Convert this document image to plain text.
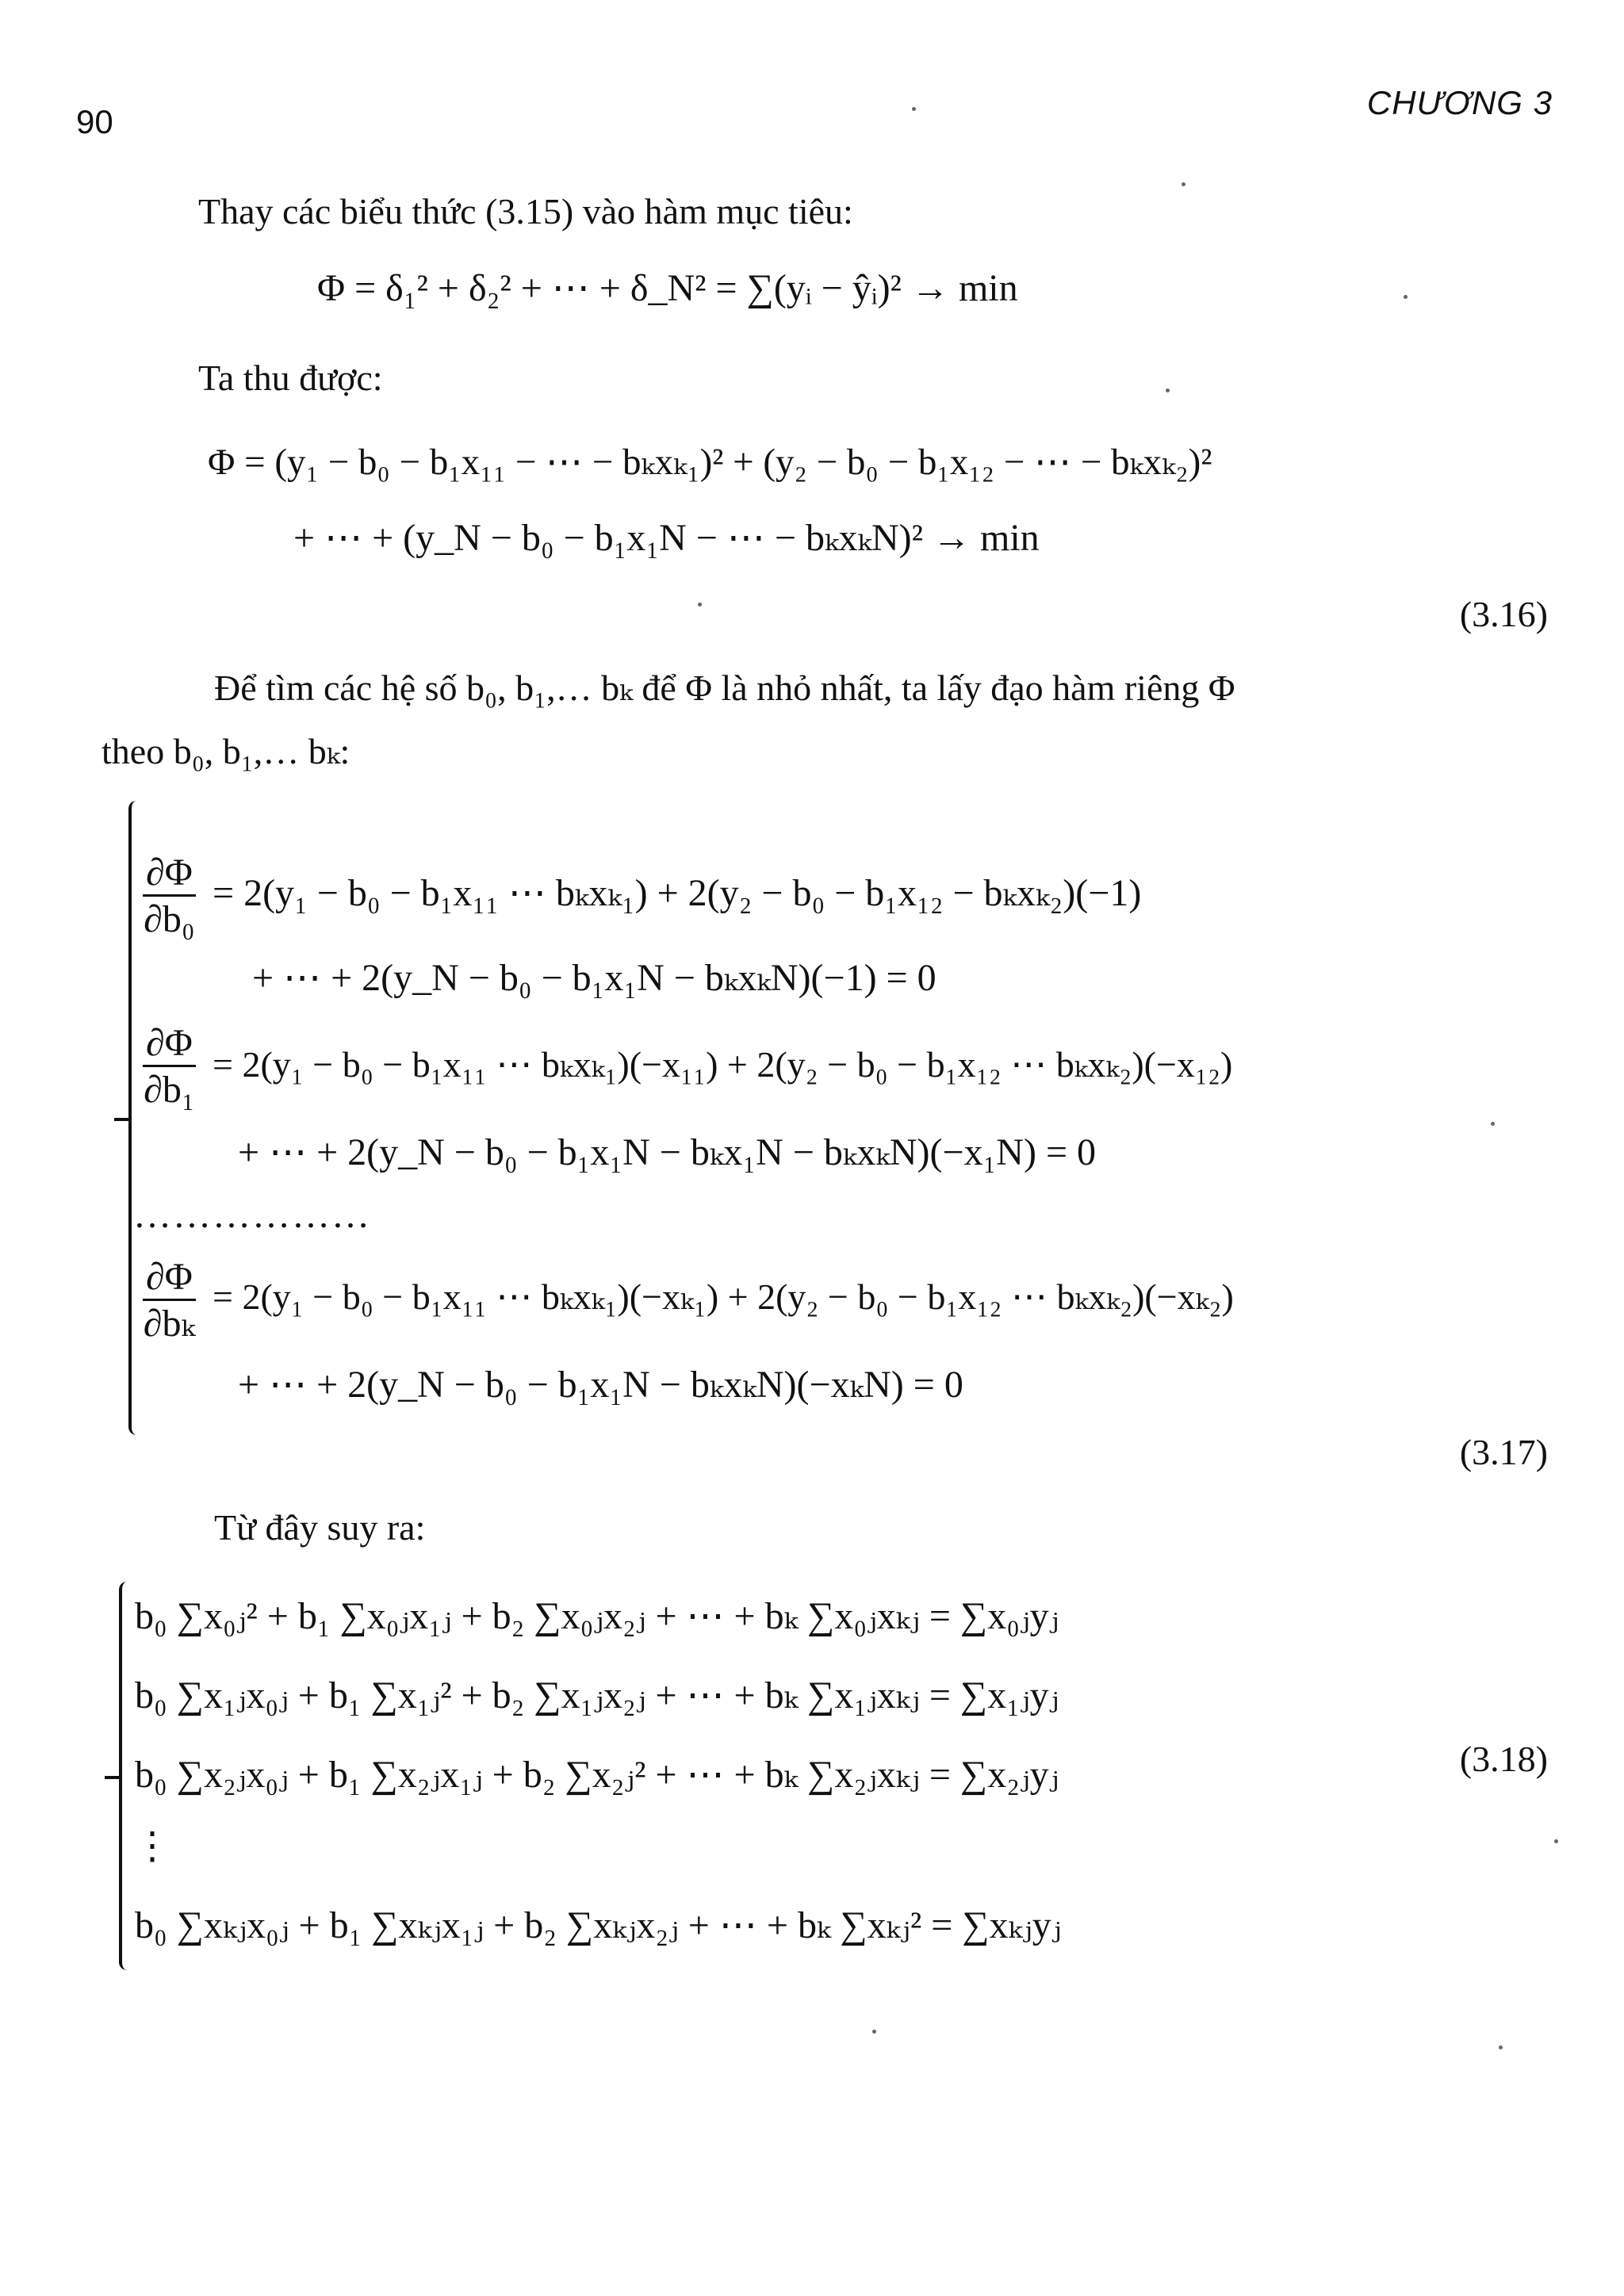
90
CHƯƠNG 3
Thay các biểu thức (3.15) vào hàm mục tiêu:
Φ = δ₁² + δ₂² + ⋯ + δ_N² = ∑(yᵢ − ŷᵢ)² → min
Ta thu được:
Φ = (y₁ − b₀ − b₁x₁₁ − ⋯ − bₖxₖ₁)² + (y₂ − b₀ − b₁x₁₂ − ⋯ − bₖxₖ₂)²
+ ⋯ + (y_N − b₀ − b₁x₁N − ⋯ − bₖxₖN)² → min
(3.16)
Để tìm các hệ số b₀, b₁,… bₖ để Φ là nhỏ nhất, ta lấy đạo hàm riêng Φ
theo b₀, b₁,… bₖ:
$\frac{\partial\Phi}{\text{∂b₀}} = 2(y_1 - b_0 - b_1x_{11}$ ⋯ bₖxₖ₁) + 2(y₂ − b₀ − b₁x₁₂ − bₖxₖ₂)(−1)
+ ⋯ + 2(y_N − b₀ − b₁x₁N − bₖxₖN)(−1) = 0
$\frac{\partial\Phi}{\text{∂b₁}} = 2(y_1 - b_0 - b_1x_{11}$ ⋯ bₖxₖ₁)(−x₁₁) + 2(y₂ − b₀ − b₁x₁₂ ⋯ bₖxₖ₂)(−x₁₂)
+ ⋯ + 2(y_N − b₀ − b₁x₁N − bₖx₁N − bₖxₖN)(−x₁N) = 0
………………
$\frac{\partial\Phi}{\text{∂bₖ}} = 2(y_1 - b_0 - b_1x_{11}$ ⋯ bₖxₖ₁)(−xₖ₁) + 2(y₂ − b₀ − b₁x₁₂ ⋯ bₖxₖ₂)(−xₖ₂)
+ ⋯ + 2(y_N − b₀ − b₁x₁N − bₖxₖN)(−xₖN) = 0
(3.17)
Từ đây suy ra:
b₀ ∑x₀ⱼ² + b₁ ∑x₀ⱼx₁ⱼ + b₂ ∑x₀ⱼx₂ⱼ + ⋯ + bₖ ∑x₀ⱼxₖⱼ = ∑x₀ⱼyⱼ
b₀ ∑x₁ⱼx₀ⱼ + b₁ ∑x₁ⱼ² + b₂ ∑x₁ⱼx₂ⱼ + ⋯ + bₖ ∑x₁ⱼxₖⱼ = ∑x₁ⱼyⱼ
b₀ ∑x₂ⱼx₀ⱼ + b₁ ∑x₂ⱼx₁ⱼ + b₂ ∑x₂ⱼ² + ⋯ + bₖ ∑x₂ⱼxₖⱼ = ∑x₂ⱼyⱼ
⋮
b₀ ∑xₖⱼx₀ⱼ + b₁ ∑xₖⱼx₁ⱼ + b₂ ∑xₖⱼx₂ⱼ + ⋯ + bₖ ∑xₖⱼ² = ∑xₖⱼyⱼ
(3.18)
